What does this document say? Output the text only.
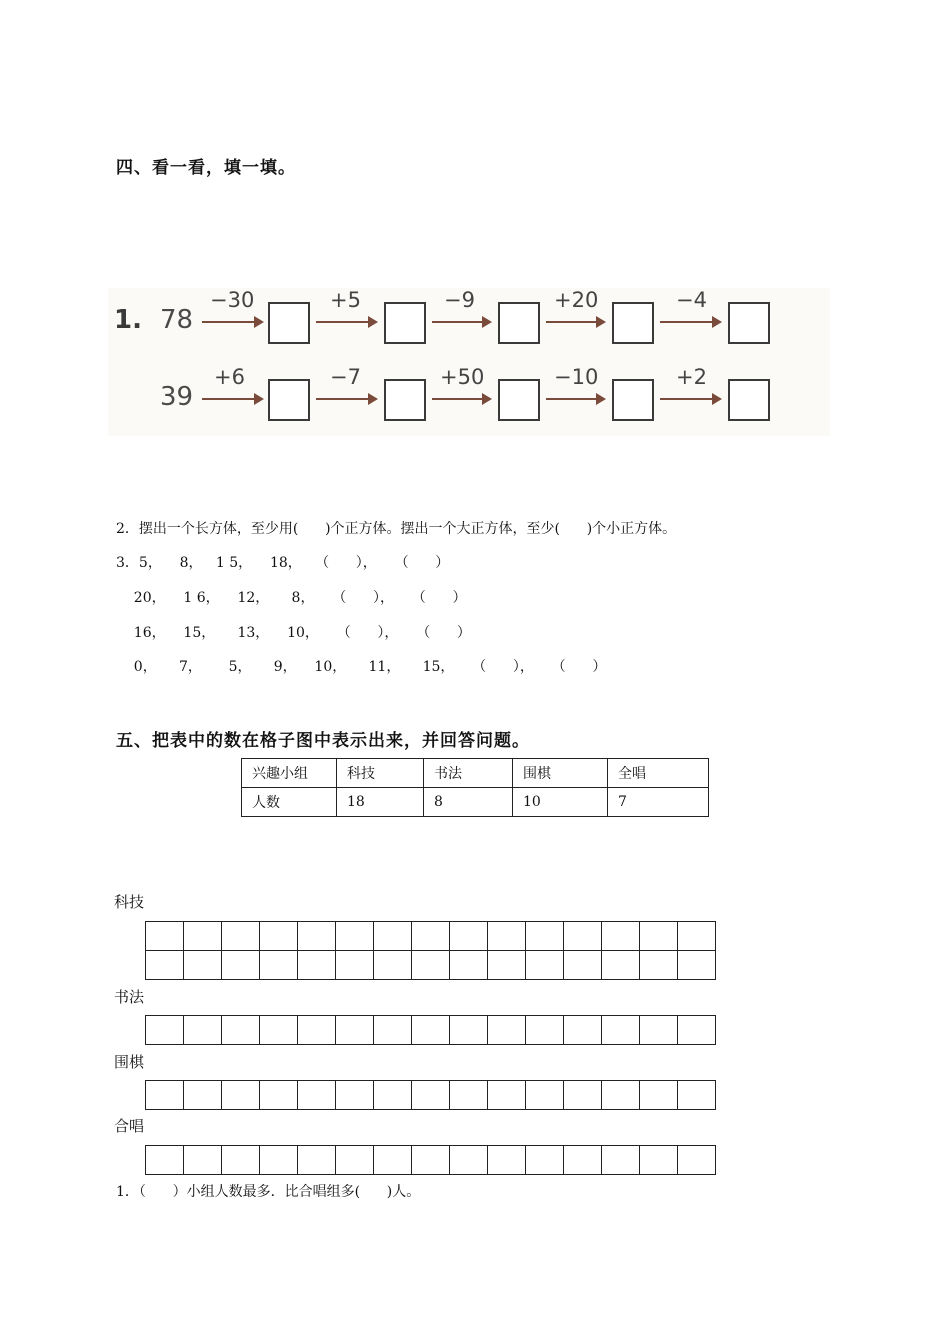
四、看一看，填一填。
1. 78
39
−30	+5	−9	+20	−4
+6	−7	+50	−10	+2
2．摆出一个长方体，至少用(      )个正方体。摆出一个大正方体，至少(      )个小正方体。
3．5，    8，   1 5，    18，   （      ），    （      ）
20，    1 6，    12，     8，    （      ），    （      ）
16，    15，     13，    10，    （      ），    （      ）
0，     7，      5，     9，    10，     11，     15，    （      ），    （      ）
五、把表中的数在格子图中表示出来，并回答问题。
兴趣小组	科技	书法	围棋	全唱
人数	18	8	10	7
科技
书法
围棋
合唱
1．（      ）小组人数最多．比合唱组多(      )人。
